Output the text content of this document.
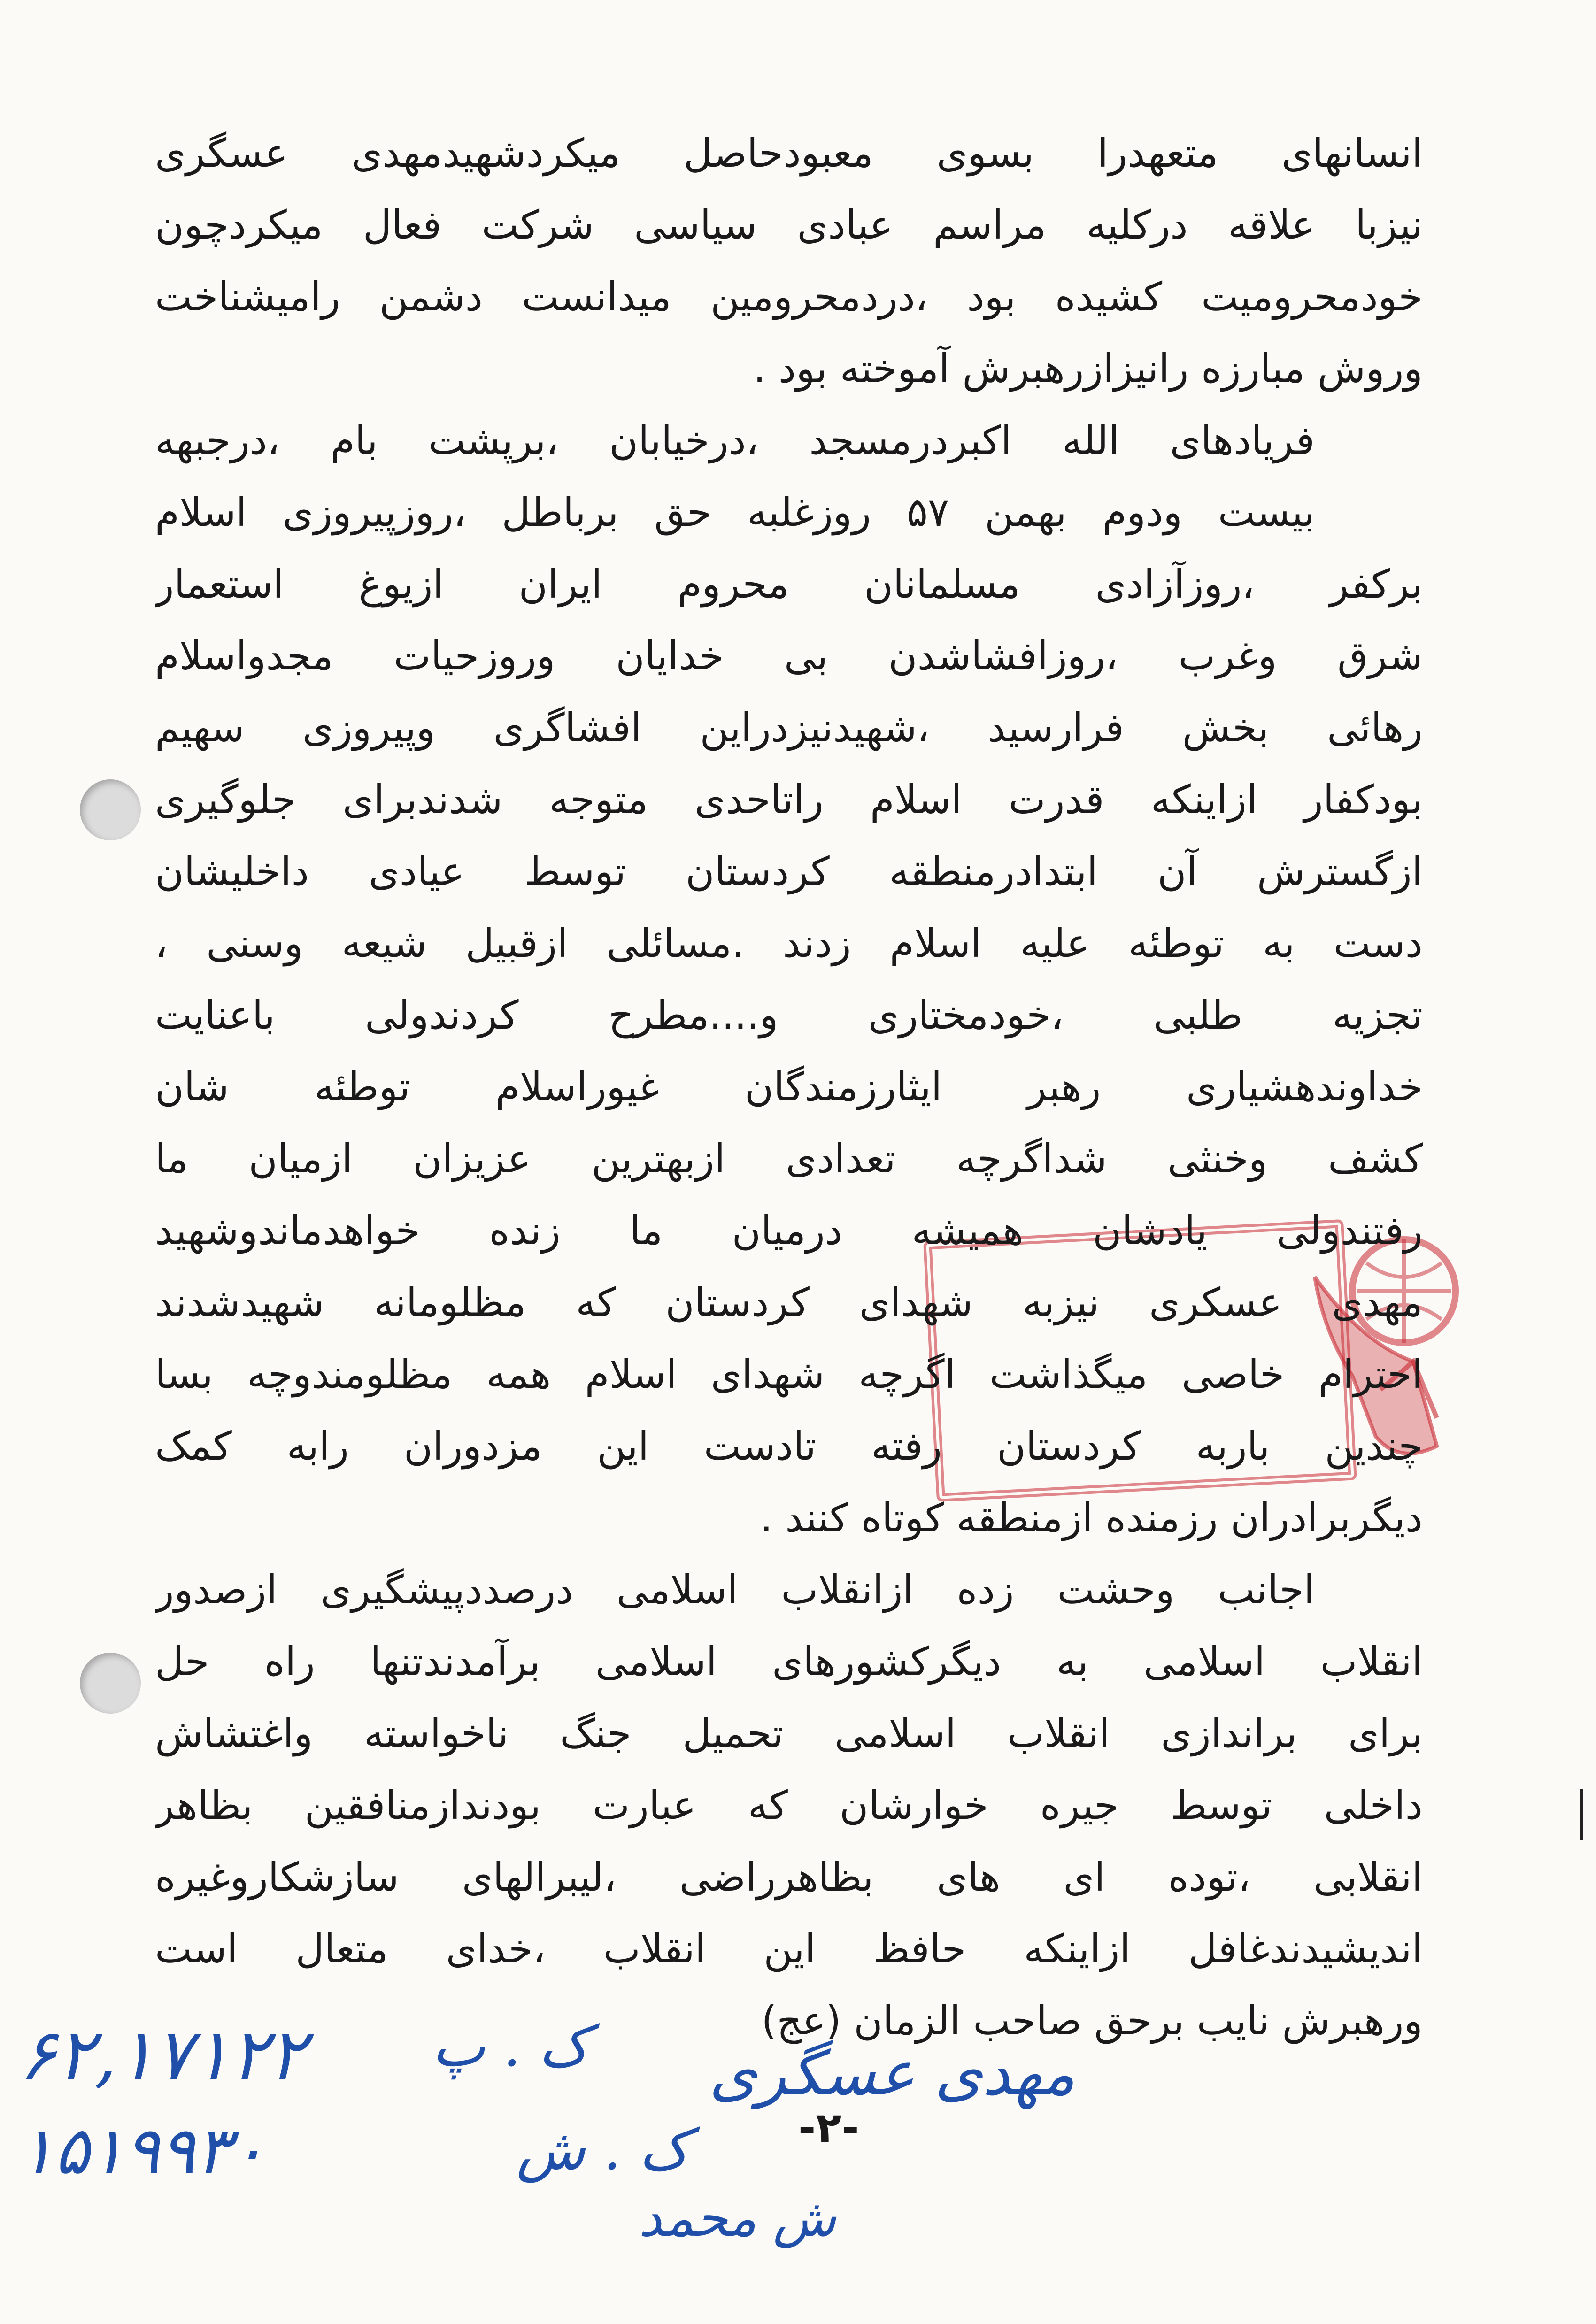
انسانهای متعهدرا بسوی معبودحاصل میکردشهیدمهدی عسگری
نیزبا علاقه درکلیه مراسم عبادی سیاسی شرکت فعال میکردچون
خودمحرومیت کشیده بود ،دردمحرومین میدانست دشمن رامیشناخت
وروش مبارزه رانیزازرهبرش آموخته بود .
فریادهای الله اکبردرمسجد ،درخیابان ،برپشت بام ،درجبهه
بیست ودوم بهمن ۵۷ روزغلبه حق برباطل ،روزپیروزی اسلام
برکفر ،روزآزادی مسلمانان محروم ایران ازیوغ استعمار
شرق وغرب ،روزافشاشدن بی خدایان وروزحیات مجدواسلام
رهائی بخش فرارسید ،شهیدنیزدراین افشاگری وپیروزی سهیم
بودکفار ازاینکه قدرت اسلام راتاحدی متوجه شدندبرای جلوگیری
ازگسترش آن ابتدادرمنطقه کردستان توسط عیادی داخلیشان
دست به توطئه علیه اسلام زدند .مسائلی ازقبیل شیعه وسنی ،
تجزیه طلبی ،خودمختاری و....مطرح کردندولی باعنایت
خداوندهشیاری رهبر ایثارزمندگان غیوراسلام توطئه شان
کشف وخنثی شداگرچه تعدادی ازبهترین عزیزان ازمیان ما
رفتندولی یادشان همیشه درمیان ما زنده خواهدماندوشهید
مهدی عسکری نیزبه شهدای کردستان که مظلومانه شهیدشدند
احترام خاصی میگذاشت اگرچه شهدای اسلام همه مظلومندوچه بسا
چندین باربه کردستان رفته تادست این مزدوران رابه کمک
دیگربرادران رزمنده ازمنطقه کوتاه کنند .
اجانب وحشت زده ازانقلاب اسلامی درصددپیشگیری ازصدور
انقلاب اسلامی به دیگرکشورهای اسلامی برآمدندتنها راه حل
برای براندازی انقلاب اسلامی تحمیل جنگ ناخواسته واغتشاش
داخلی توسط جیره خوارشان که عبارت بودندازمنافقین بظاهر
انقلابی ،توده ای های بظاهرراضی ،لیبرالهای سازشکاروغیره
اندیشیدندغافل ازاینکه حافظ این انقلاب ،خدای متعال است
ورهبرش نایب برحق صاحب الزمان (عج)
-۲-
۶۲,۱۷۱۲۲
۱۵۱۹۹۳۰
ک . پ
ک . ش
مهدی عسگری
ش محمد
